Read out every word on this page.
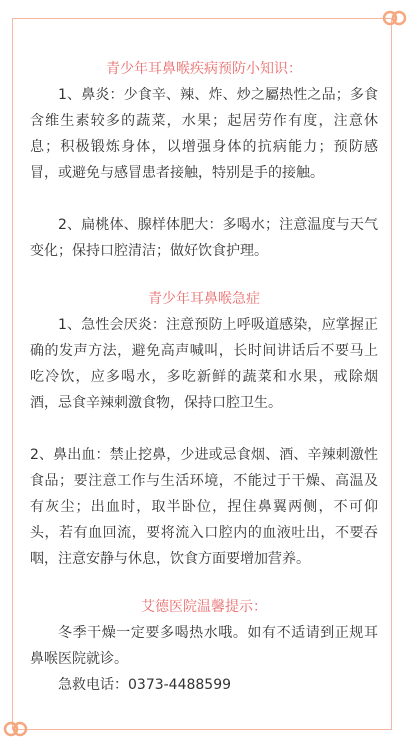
青少年耳鼻喉疾病预防小知识：

1、鼻炎：少食辛、辣、炸、炒之屬热性之品；多食含维生素较多的蔬菜，水果；起居劳作有度，注意休息；积极锻炼身体，以增强身体的抗病能力；预防感冒，或避免与感冒患者接触，特别是手的接触。

2、扁桃体、腺样体肥大：多喝水；注意温度与天气变化；保持口腔清洁；做好饮食护理。

青少年耳鼻喉急症

1、急性会厌炎：注意预防上呼吸道感染，应掌握正确的发声方法，避免高声喊叫，长时间讲话后不要马上吃冷饮，应多喝水，多吃新鲜的蔬菜和水果，戒除烟酒，忌食辛辣刺激食物，保持口腔卫生。

2、鼻出血：禁止挖鼻，少进或忌食烟、酒、辛辣刺激性食品；要注意工作与生活环境，不能过于干燥、高温及有灰尘；出血时，取半卧位，捏住鼻翼两侧，不可仰头，若有血回流，要将流入口腔内的血液吐出，不要吞咽，注意安静与休息，饮食方面要增加营养。

艾德医院温馨提示：

冬季干燥一定要多喝热水哦。如有不适请到正规耳鼻喉医院就诊。

急救电话：0373-4488599
